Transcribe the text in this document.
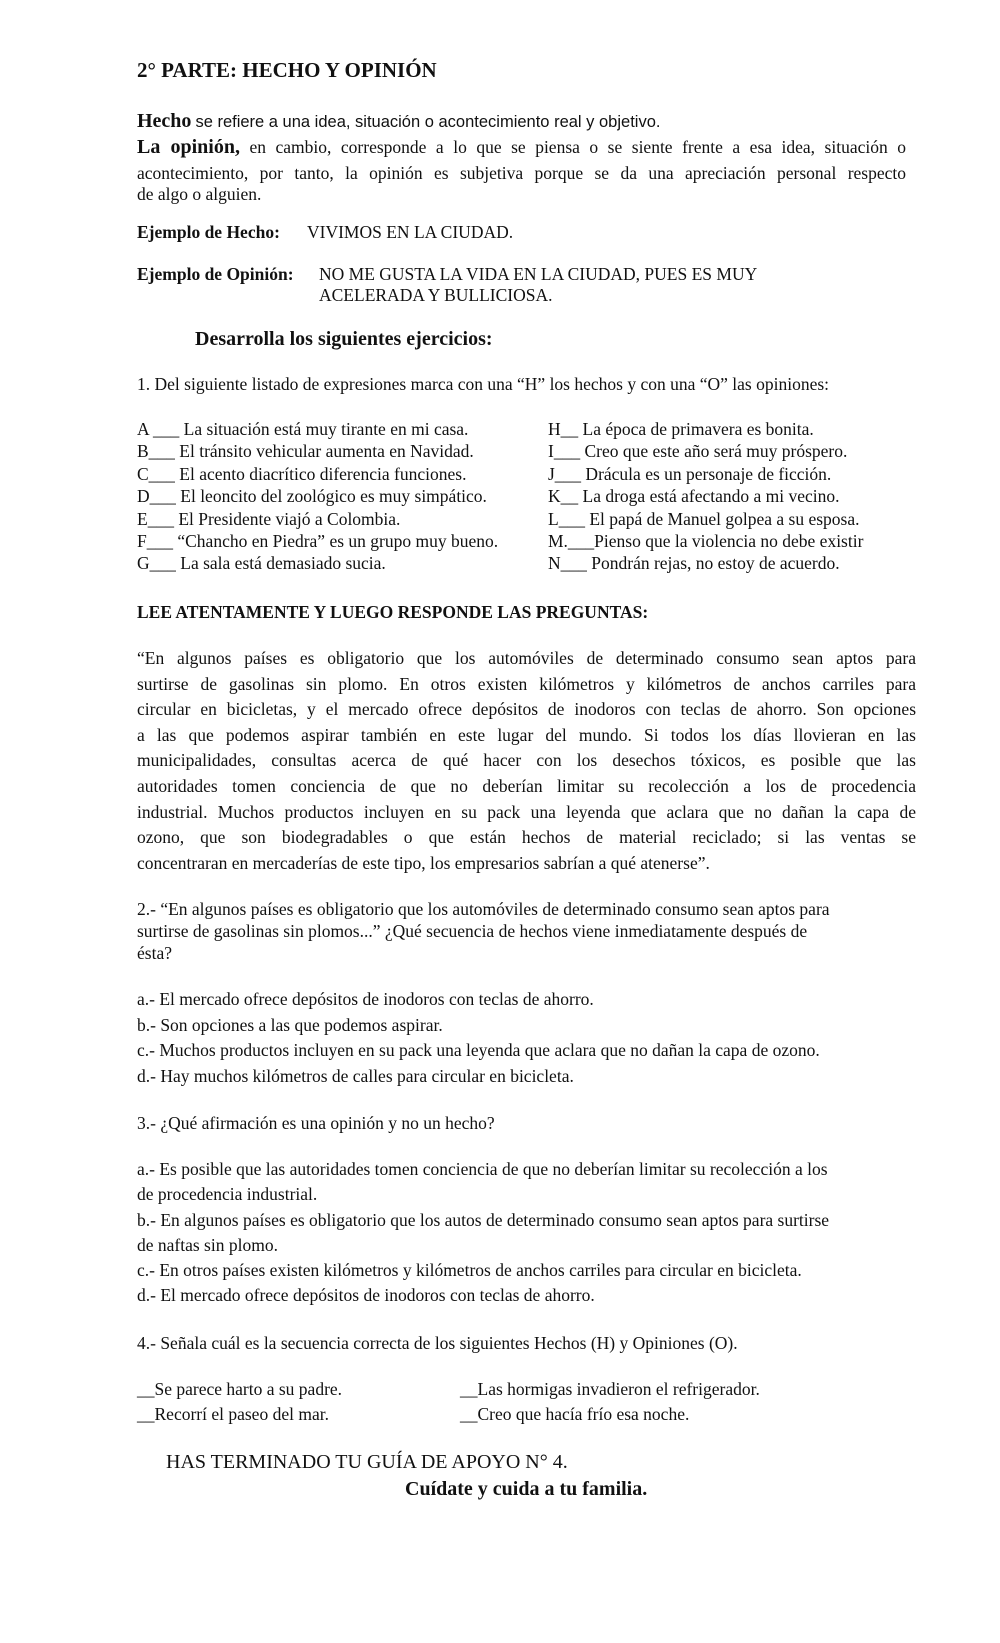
2° PARTE: HECHO Y OPINIÓN
Hecho se refiere a una idea, situación o acontecimiento real y objetivo.
La opinión, en cambio, corresponde a lo que se piensa o se siente frente a esa idea, situación o
acontecimiento, por tanto, la opinión es subjetiva porque se da una apreciación personal respecto
de algo o alguien.
Ejemplo de Hecho: VIVIMOS EN LA CIUDAD.
Ejemplo de Opinión: NO ME GUSTA LA VIDA EN LA CIUDAD, PUES ES MUY
ACELERADA Y BULLICIOSA.
Desarrolla los siguientes ejercicios:
1. Del siguiente listado de expresiones marca con una “H” los hechos y con una “O” las opiniones:
A ___ La situación está muy tirante en mi casa.
B___ El tránsito vehicular aumenta en Navidad.
C___ El acento diacrítico diferencia funciones.
D___ El leoncito del zoológico es muy simpático.
E___ El Presidente viajó a Colombia.
F___ “Chancho en Piedra” es un grupo muy bueno.
G___ La sala está demasiado sucia.
H__ La época de primavera es bonita.
I___ Creo que este año será muy próspero.
J___ Drácula es un personaje de ficción.
K__ La droga está afectando a mi vecino.
L___ El papá de Manuel golpea a su esposa.
M.___Pienso que la violencia no debe existir
N___ Pondrán rejas, no estoy de acuerdo.
LEE ATENTAMENTE Y LUEGO RESPONDE LAS PREGUNTAS:
“En algunos países es obligatorio que los automóviles de determinado consumo sean aptos para
surtirse de gasolinas sin plomo. En otros existen kilómetros y kilómetros de anchos carriles para
circular en bicicletas, y el mercado ofrece depósitos de inodoros con teclas de ahorro. Son opciones
a las que podemos aspirar también en este lugar del mundo. Si todos los días llovieran en las
municipalidades, consultas acerca de qué hacer con los desechos tóxicos, es posible que las
autoridades tomen conciencia de que no deberían limitar su recolección a los de procedencia
industrial. Muchos productos incluyen en su pack una leyenda que aclara que no dañan la capa de
ozono, que son biodegradables o que están hechos de material reciclado; si las ventas se
concentraran en mercaderías de este tipo, los empresarios sabrían a qué atenerse”.
2.- “En algunos países es obligatorio que los automóviles de determinado consumo sean aptos para
surtirse de gasolinas sin plomos...” ¿Qué secuencia de hechos viene inmediatamente después de
ésta?
a.- El mercado ofrece depósitos de inodoros con teclas de ahorro.
b.- Son opciones a las que podemos aspirar.
c.- Muchos productos incluyen en su pack una leyenda que aclara que no dañan la capa de ozono.
d.- Hay muchos kilómetros de calles para circular en bicicleta.
3.- ¿Qué afirmación es una opinión y no un hecho?
a.- Es posible que las autoridades tomen conciencia de que no deberían limitar su recolección a los
de procedencia industrial.
b.- En algunos países es obligatorio que los autos de determinado consumo sean aptos para surtirse
de naftas sin plomo.
c.- En otros países existen kilómetros y kilómetros de anchos carriles para circular en bicicleta.
d.- El mercado ofrece depósitos de inodoros con teclas de ahorro.
4.- Señala cuál es la secuencia correcta de los siguientes Hechos (H) y Opiniones (O).
__Se parece harto a su padre.
__Recorrí el paseo del mar.
__Las hormigas invadieron el refrigerador.
__Creo que hacía frío esa noche.
HAS TERMINADO TU GUÍA DE APOYO N° 4.
Cuídate y cuida a tu familia.
